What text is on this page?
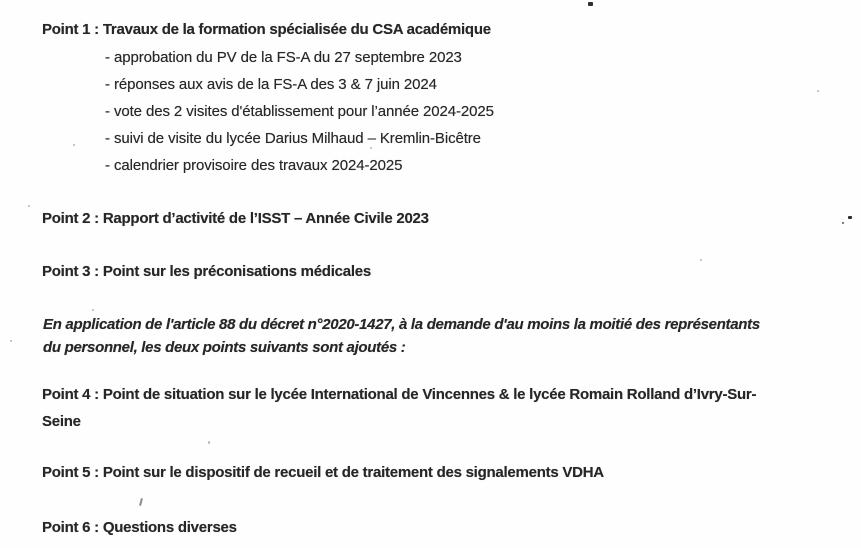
Point 1 : Travaux de la formation spécialisée du CSA académique
- approbation du PV de la FS-A du 27 septembre 2023
- réponses aux avis de la FS-A des 3 & 7 juin 2024
- vote des 2 visites d'établissement pour l’année 2024-2025
- suivi de visite du lycée Darius Milhaud – Kremlin-Bicêtre
- calendrier provisoire des travaux 2024-2025
Point 2 : Rapport d’activité de l’ISST – Année Civile 2023
Point 3 : Point sur les préconisations médicales
En application de l'article 88 du décret n°2020-1427, à la demande d'au moins la moitié des représentants
du personnel, les deux points suivants sont ajoutés :
Point 4 : Point de situation sur le lycée International de Vincennes & le lycée Romain Rolland d’Ivry-Sur-
Seine
Point 5 : Point sur le dispositif de recueil et de traitement des signalements VDHA
Point 6 : Questions diverses
